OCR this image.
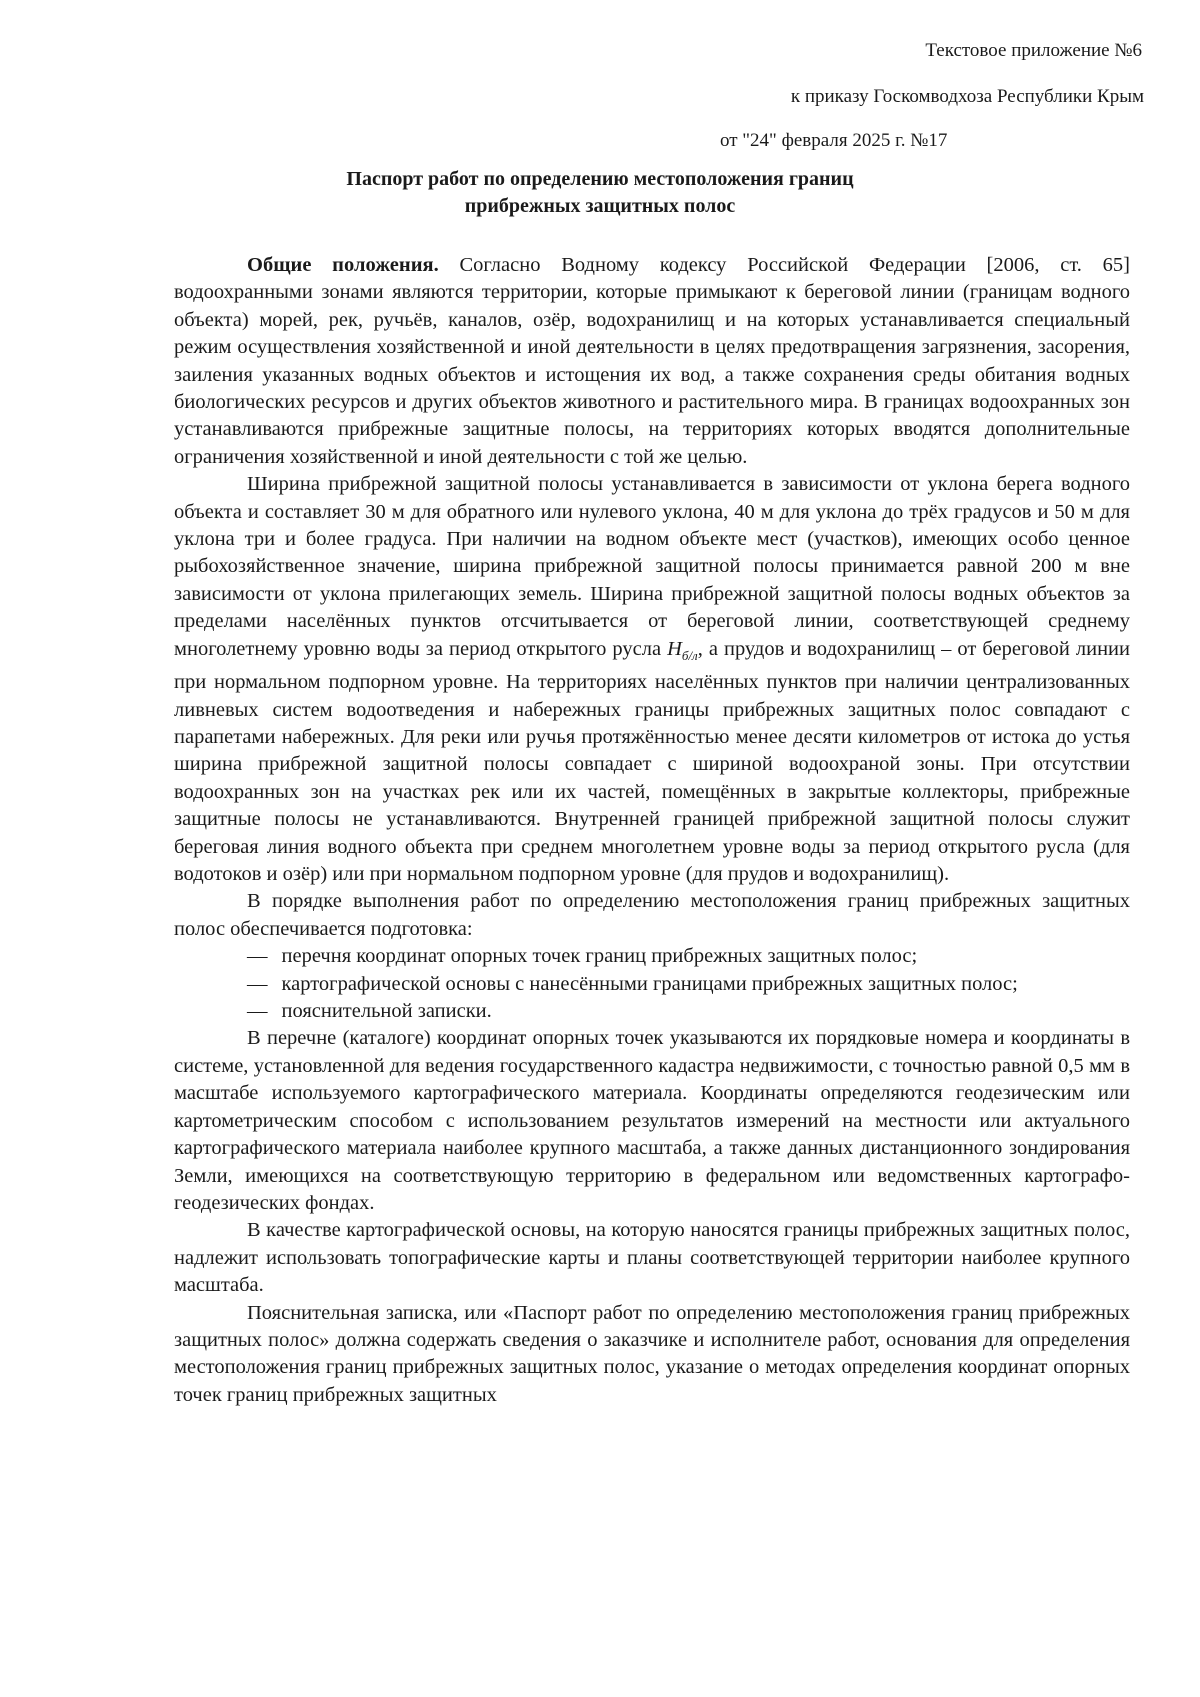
Текстовое приложение №6
к приказу Госкомводхоза Республики Крым
от "24" февраля 2025 г. №17
Паспорт работ по определению местоположения границ
прибрежных защитных полос

Общие положения. Согласно Водному кодексу Российской Федерации [2006, ст. 65] водоохранными зонами являются территории, которые примыкают к береговой линии (границам водного объекта) морей, рек, ручьёв, каналов, озёр, водохранилищ и на которых устанавливается специальный режим осуществления хозяйственной и иной деятельности в целях предотвращения загрязнения, засорения, заиления указанных водных объектов и истощения их вод, а также сохранения среды обитания водных биологических ресурсов и других объектов животного и растительного мира. В границах водоохранных зон устанавливаются прибрежные защитные полосы, на территориях которых вводятся дополнительные ограничения хозяйственной и иной деятельности с той же целью.

Ширина прибрежной защитной полосы устанавливается в зависимости от уклона берега водного объекта и составляет 30 м для обратного или нулевого уклона, 40 м для уклона до трёх градусов и 50 м для уклона три и более градуса. При наличии на водном объекте мест (участков), имеющих особо ценное рыбохозяйственное значение, ширина прибрежной защитной полосы принимается равной 200 м вне зависимости от уклона прилегающих земель. Ширина прибрежной защитной полосы водных объектов за пределами населённых пунктов отсчитывается от береговой линии, соответствующей среднему многолетнему уровню воды за период открытого русла $H_{б/л}$, а прудов и водохранилищ – от береговой линии при нормальном подпорном уровне. На территориях населённых пунктов при наличии централизованных ливневых систем водоотведения и набережных границы прибрежных защитных полос совпадают с парапетами набережных. Для реки или ручья протяжённостью менее десяти километров от истока до устья ширина прибрежной защитной полосы совпадает с шириной водоохраной зоны. При отсутствии водоохранных зон на участках рек или их частей, помещённых в закрытые коллекторы, прибрежные защитные полосы не устанавливаются. Внутренней границей прибрежной защитной полосы служит береговая линия водного объекта при среднем многолетнем уровне воды за период открытого русла (для водотоков и озёр) или при нормальном подпорном уровне (для прудов и водохранилищ).

В порядке выполнения работ по определению местоположения границ прибрежных защитных полос обеспечивается подготовка:

— перечня координат опорных точек границ прибрежных защитных полос;
— картографической основы с нанесёнными границами прибрежных защитных полос;
— пояснительной записки.

В перечне (каталоге) координат опорных точек указываются их порядковые номера и координаты в системе, установленной для ведения государственного кадастра недвижимости, с точностью равной 0,5 мм в масштабе используемого картографического материала. Координаты определяются геодезическим или картометрическим способом с использованием результатов измерений на местности или актуального картографического материала наиболее крупного масштаба, а также данных дистанционного зондирования Земли, имеющихся на соответствующую территорию в федеральном или ведомственных картографо-геодезических фондах.

В качестве картографической основы, на которую наносятся границы прибрежных защитных полос, надлежит использовать топографические карты и планы соответствующей территории наиболее крупного масштаба.

Пояснительная записка, или «Паспорт работ по определению местоположения границ прибрежных защитных полос» должна содержать сведения о заказчике и исполнителе работ, основания для определения местоположения границ прибрежных защитных полос, указание о методах определения координат опорных точек границ прибрежных защитных
